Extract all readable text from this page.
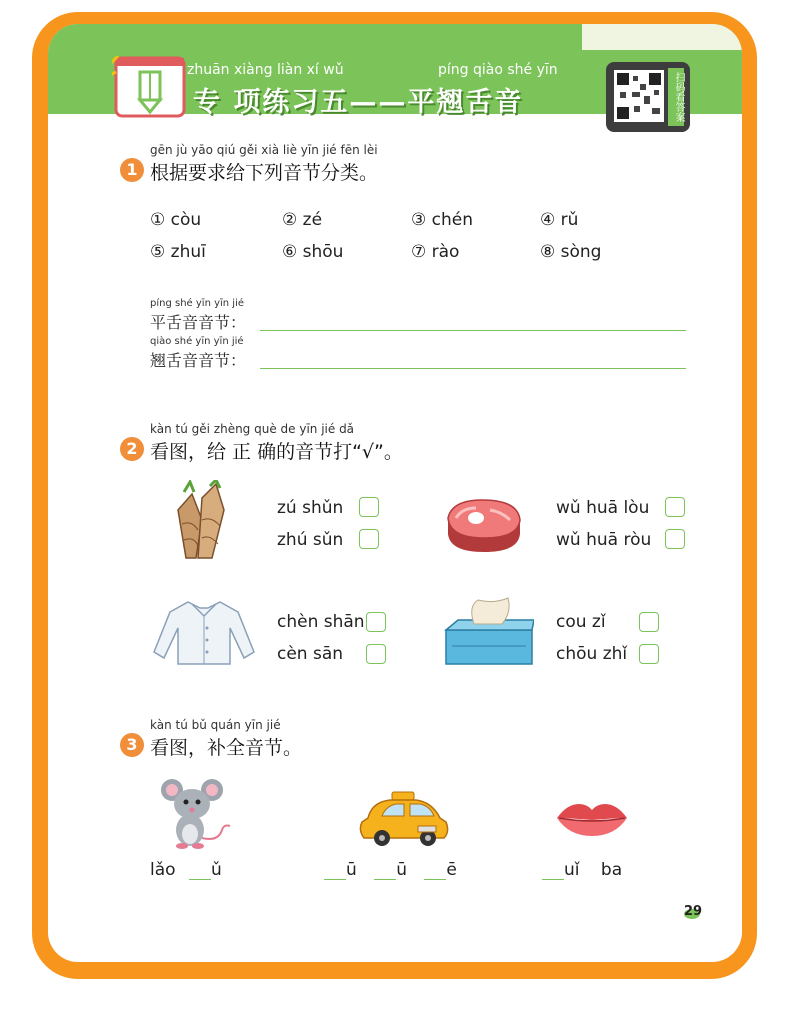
zhuān xiàng liàn xí wǔ	píng qiào shé yīn
专 项练习五——平翘舌音	扫码看答案
gēn jù yāo qiú gěi xià liè yīn jié fēn lèi
1 根据要求给下列音节分类。
① còu	② zé	③ chén	④ rǔ
⑤ zhuī	⑥ shōu	⑦ rào	⑧ sòng
píng shé yīn yīn jié
平舌音音节：
qiào shé yīn yīn jié
翘舌音音节：
kàn tú gěi zhèng què de yīn jié dǎ
2 看图，给 正 确的音节打“√”。
zú shǔn
zhú sǔn
wǔ huā lòu
wǔ huā ròu
chèn shān
cèn sān
cou zǐ
chōu zhǐ
kàn tú bǔ quán yīn jié
3 看图，补全音节。
lǎo ǔ	ū ū ē	uǐ ba
29
